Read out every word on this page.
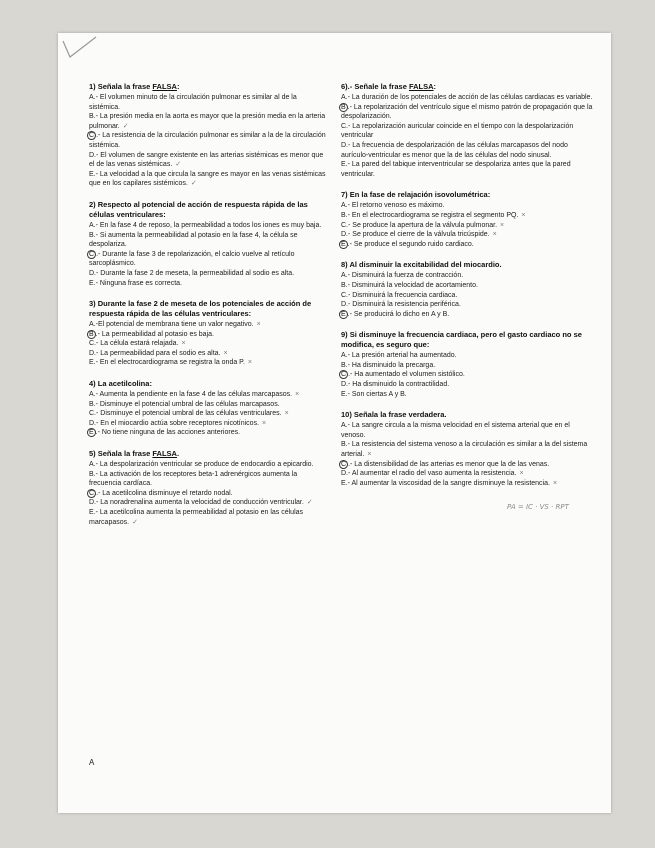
1) Señala la frase FALSA:

A.- El volumen minuto de la circulación pulmonar es similar al de la sistémica.

B.- La presión media en la aorta es mayor que la presión media en la arteria pulmonar. ✓

C .- La resistencia de la circulación pulmonar es similar a la de la circulación sistémica.

D.- El volumen de sangre existente en las arterias sistémicas es menor que el de las venas sistémicas. ✓

E.- La velocidad a la que circula la sangre es mayor en las venas sistémicas que en los capilares sistémicos. ✓

2) Respecto al potencial de acción de respuesta rápida de las células ventriculares:

A.- En la fase 4 de reposo, la permeabilidad a todos los iones es muy baja.

B.- Si aumenta la permeabilidad al potasio en la fase 4, la célula se despolariza.

C .- Durante la fase 3 de repolarización, el calcio vuelve al retículo sarcoplásmico.

D.- Durante la fase 2 de meseta, la permeabilidad al sodio es alta.

E.- Ninguna frase es correcta.

3) Durante la fase 2 de meseta de los potenciales de acción de respuesta rápida de las células ventriculares:

A.-El potencial de membrana tiene un valor negativo. ×

B .- La permeabilidad al potasio es baja.

C.- La célula estará relajada. ×

D.- La permeabilidad para el sodio es alta. ×

E.- En el electrocardiograma se registra la onda P. ×

4) La acetilcolina:

A.- Aumenta la pendiente en la fase 4 de las células marcapasos. ×

B.- Disminuye el potencial umbral de las células marcapasos.

C.- Disminuye el potencial umbral de las células ventriculares. ×

D.- En el miocardio actúa sobre receptores nicotínicos. ×

E .- No tiene ninguna de las acciones anteriores.

5) Señala la frase FALSA.

A.- La despolarización ventricular se produce de endocardio a epicardio.

B.- La activación de los receptores beta-1 adrenérgicos aumenta la frecuencia cardíaca.

C .- La acetilcolina disminuye el retardo nodal.

D.- La noradrenalina aumenta la velocidad de conducción ventricular. ✓

E.- La acetilcolina aumenta la permeabilidad al potasio en las células marcapasos. ✓

6).- Señale la frase FALSA:

A.- La duración de los potenciales de acción de las células cardiacas es variable.

B .- La repolarización del ventrículo sigue el mismo patrón de propagación que la despolarización.

C.- La repolarización auricular coincide en el tiempo con la despolarización ventricular

D.- La frecuencia de despolarización de las células marcapasos del nodo aurículo-ventricular es menor que la de las células del nodo sinusal.

E.- La pared del tabique interventricular se despolariza antes que la pared ventricular.

7) En la fase de relajación isovolumétrica:

A.- El retorno venoso es máximo.

B.- En el electrocardiograma se registra el segmento PQ. ×

C.- Se produce la apertura de la válvula pulmonar. ×

D.- Se produce el cierre de la válvula tricúspide. ×

E .- Se produce el segundo ruido cardiaco.

8) Al disminuir la excitabilidad del miocardio.

A.- Disminuirá la fuerza de contracción.

B.- Disminuirá la velocidad de acortamiento.

C.- Disminuirá la frecuencia cardiaca.

D.- Disminuirá la resistencia periférica.

E .- Se producirá lo dicho en A y B.

9) Si disminuye la frecuencia cardiaca, pero el gasto cardiaco no se modifica, es seguro que:

A.- La presión arterial ha aumentado.

B.- Ha disminuido la precarga.

C .- Ha aumentado el volumen sistólico.

D.- Ha disminuido la contractilidad.

E.- Son ciertas A y B.

10) Señala la frase verdadera.

A.- La sangre circula a la misma velocidad en el sistema arterial que en el venoso.

B.- La resistencia del sistema venoso a la circulación es similar a la del sistema arterial. ×

C .- La distensibilidad de las arterias es menor que la de las venas.

D.- Al aumentar el radio del vaso aumenta la resistencia. ×

E.- Al aumentar la viscosidad de la sangre disminuye la resistencia. ×

PA = IC · VS · RPT
A
